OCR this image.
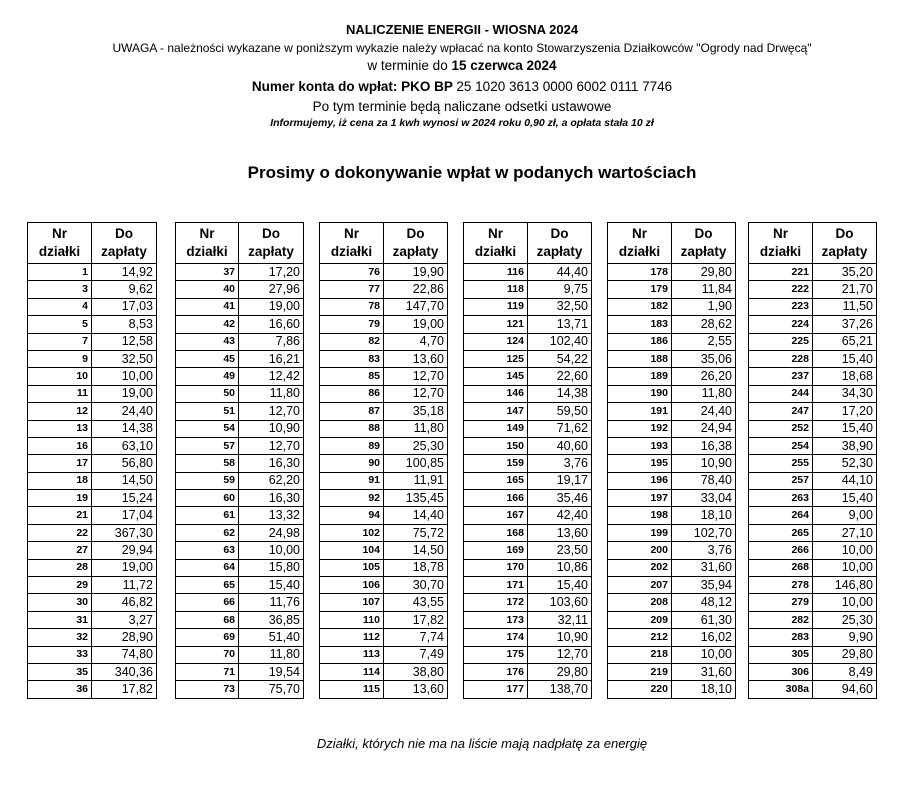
NALICZENIE ENERGII - WIOSNA 2024
UWAGA - należności wykazane w poniższym wykazie należy wpłacać na konto Stowarzyszenia Działkowców "Ogrody nad Drwęcą"
w terminie do 15 czerwca 2024
Numer konta do wpłat: PKO BP 25 1020 3613 0000 6002 0111 7746
Po tym terminie będą naliczane odsetki ustawowe
Informujemy, iż cena za 1 kwh wynosi w 2024 roku 0,90 zł, a opłata stała 10 zł
Prosimy o dokonywanie wpłat w podanych wartościach
Nr
działki	Do
zapłaty
1	14,92
3	9,62
4	17,03
5	8,53
7	12,58
9	32,50
10	10,00
11	19,00
12	24,40
13	14,38
16	63,10
17	56,80
18	14,50
19	15,24
21	17,04
22	367,30
27	29,94
28	19,00
29	11,72
30	46,82
31	3,27
32	28,90
33	74,80
35	340,36
36	17,82
Nr
działki	Do
zapłaty
37	17,20
40	27,96
41	19,00
42	16,60
43	7,86
45	16,21
49	12,42
50	11,80
51	12,70
54	10,90
57	12,70
58	16,30
59	62,20
60	16,30
61	13,32
62	24,98
63	10,00
64	15,80
65	15,40
66	11,76
68	36,85
69	51,40
70	11,80
71	19,54
73	75,70
Nr
działki	Do
zapłaty
76	19,90
77	22,86
78	147,70
79	19,00
82	4,70
83	13,60
85	12,70
86	12,70
87	35,18
88	11,80
89	25,30
90	100,85
91	11,91
92	135,45
94	14,40
102	75,72
104	14,50
105	18,78
106	30,70
107	43,55
110	17,82
112	7,74
113	7,49
114	38,80
115	13,60
Nr
działki	Do
zapłaty
116	44,40
118	9,75
119	32,50
121	13,71
124	102,40
125	54,22
145	22,60
146	14,38
147	59,50
149	71,62
150	40,60
159	3,76
165	19,17
166	35,46
167	42,40
168	13,60
169	23,50
170	10,86
171	15,40
172	103,60
173	32,11
174	10,90
175	12,70
176	29,80
177	138,70
Nr
działki	Do
zapłaty
178	29,80
179	11,84
182	1,90
183	28,62
186	2,55
188	35,06
189	26,20
190	11,80
191	24,40
192	24,94
193	16,38
195	10,90
196	78,40
197	33,04
198	18,10
199	102,70
200	3,76
202	31,60
207	35,94
208	48,12
209	61,30
212	16,02
218	10,00
219	31,60
220	18,10
Nr
działki	Do
zapłaty
221	35,20
222	21,70
223	11,50
224	37,26
225	65,21
228	15,40
237	18,68
244	34,30
247	17,20
252	15,40
254	38,90
255	52,30
257	44,10
263	15,40
264	9,00
265	27,10
266	10,00
268	10,00
278	146,80
279	10,00
282	25,30
283	9,90
305	29,80
306	8,49
308a	94,60
Działki, których nie ma na liście mają nadpłatę za energię
